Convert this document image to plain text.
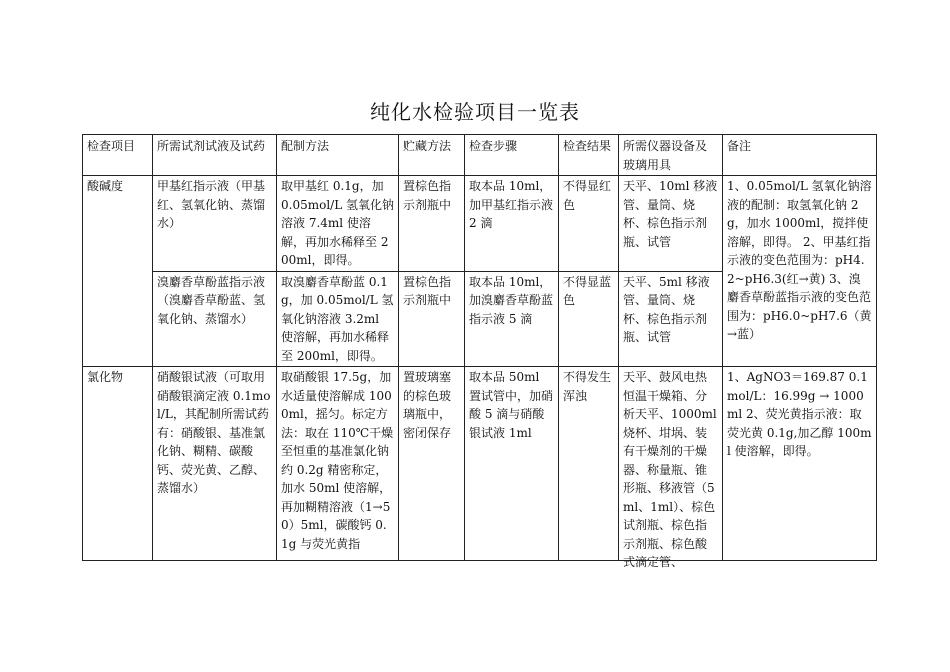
纯化水检验项目一览表
检查项目	所需试剂试液及试药	配制方法	贮藏方法	检查步骤	检查结果	所需仪器设备及玻璃用具	备注
酸碱度	甲基红指示液（甲基红、氢氧化钠、蒸馏水）	取甲基红 0.1g，加 0.05mol/L 氢氧化钠溶液 7.4ml 使溶解，再加水稀释至 200ml，即得。	置棕色指示剂瓶中	取本品 10ml，加甲基红指示液 2 滴	不得显红色	天平、10ml 移液管、量筒、烧杯、棕色指示剂瓶、试管	1、0.05mol/L 氢氧化钠溶液的配制：取氢氧化钠 2g，加水 1000ml，搅拌使溶解，即得。 2、甲基红指示液的变色范围为：pH4.2~pH6.3(红→黄) 3、溴麝香草酚蓝指示液的变色范围为：pH6.0~pH7.6（黄→蓝）
	溴麝香草酚蓝指示液（溴麝香草酚蓝、氢氧化钠、蒸馏水）	取溴麝香草酚蓝 0.1g，加 0.05mol/L 氢氧化钠溶液 3.2ml 使溶解，再加水稀释至 200ml，即得。	置棕色指示剂瓶中	取本品 10ml，加溴麝香草酚蓝指示液 5 滴	不得显蓝色	天平、5ml 移液管、量筒、烧杯、棕色指示剂瓶、试管	

氯化物	硝酸银试液（可取用硝酸银滴定液 0.1mol/L，其配制所需试药有：硝酸银、基准氯化钠、糊精、碳酸钙、荧光黄、乙醇、蒸馏水）	取硝酸银 17.5g，加水适量使溶解成 1000ml，摇匀。标定方法：取在 110℃干燥至恒重的基准氯化钠约 0.2g 精密称定，加水 50ml 使溶解，再加糊精溶液（1→50）5ml，碳酸钙 0.1g 与荧光黄指	置玻璃塞的棕色玻璃瓶中，密闭保存	取本品 50ml 置试管中，加硝酸 5 滴与硝酸银试液 1ml	不得发生浑浊	天平、鼓风电热恒温干燥箱、分析天平、1000ml 烧杯、坩埚、装有干燥剂的干燥器、称量瓶、锥形瓶、移液管（5ml、1ml）、棕色试剂瓶、棕色指示剂瓶、棕色酸式滴定管、	1、AgNO3＝169.87 0.1 mol/L：16.99g → 1000ml 2、荧光黄指示液：取荧光黄 0.1g,加乙醇 100ml 使溶解，即得。
